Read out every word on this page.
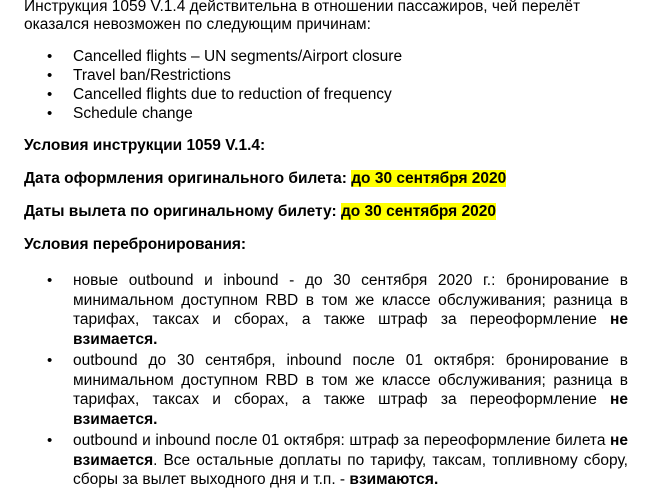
Инструкция 1059 V.1.4 действительна в отношении пассажиров, чей перелёт
оказался невозможен по следующим причинам:

• Cancelled flights – UN segments/Airport closure
• Travel ban/Restrictions
• Cancelled flights due to reduction of frequency
• Schedule change

Условия инструкции 1059 V.1.4:

Дата оформления оригинального билета: до 30 сентября 2020

Даты вылета по оригинальному билету: до 30 сентября 2020

Условия перебронирования:

• новые outbound и inbound - до 30 сентября 2020 г.: бронирование в минимальном доступном RBD в том же классе обслуживания; разница в тарифах, таксах и сборах, а также штраф за переоформление не взимается.
• outbound до 30 сентября, inbound после 01 октября: бронирование в минимальном доступном RBD в том же классе обслуживания; разница в тарифах, таксах и сборах, а также штраф за переоформление не взимается.
• outbound и inbound после 01 октября: штраф за переоформление билета не взимается. Все остальные доплаты по тарифу, таксам, топливному сбору, сборы за вылет выходного дня и т.п. - взимаются.
